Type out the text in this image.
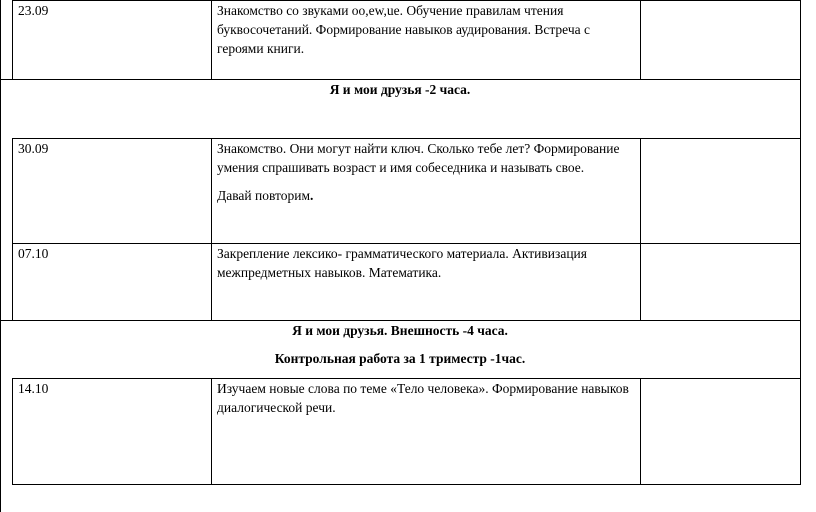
23.09	Знакомство со звуками оо,ew,ue. Обучение правилам чтения буквосочетаний. Формирование навыков аудирования. Встреча с героями книги.

Я и мои друзья -2 часа.
30.09	Знакомство. Они могут найти ключ. Сколько тебе лет? Формирование умения спрашивать возраст и имя собеседника и называть свое.

Давай повторим.

07.10	Закрепление лексико- грамматического материала. Активизация межпредметных навыков. Математика.

Я и мои друзья. Внешность -4 часа.
Контрольная работа за 1 триместр -1час.
14.10	Изучаем новые слова по теме «Тело человека». Формирование навыков диалогической речи.
